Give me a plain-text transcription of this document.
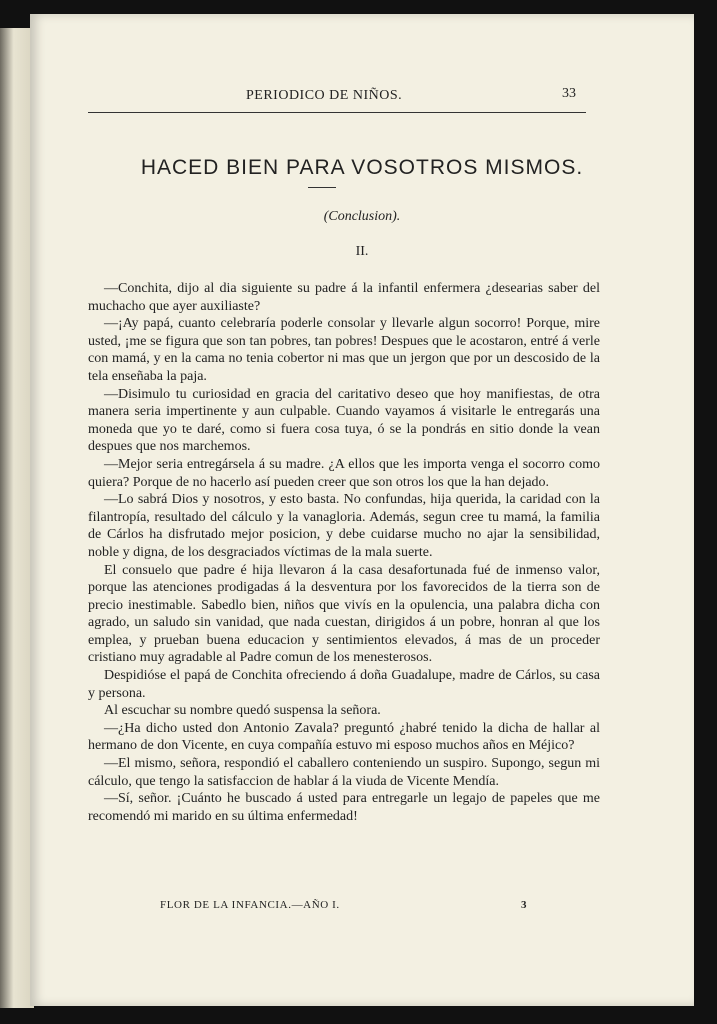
PERIODICO DE NIÑOS.	33
HACED BIEN PARA VOSOTROS MISMOS.
(Conclusion).
II.

—Conchita, dijo al dia siguiente su padre á la infantil enfermera ¿desearias saber del muchacho que ayer auxiliaste?

—¡Ay papá, cuanto celebraría poderle consolar y llevarle algun socorro! Porque, mire usted, ¡me se figura que son tan pobres, tan pobres! Despues que le acostaron, entré á verle con mamá, y en la cama no tenia cobertor ni mas que un jergon que por un descosido de la tela enseñaba la paja.

—Disimulo tu curiosidad en gracia del caritativo deseo que hoy manifiestas, de otra manera seria impertinente y aun culpable. Cuando vayamos á visitarle le entregarás una moneda que yo te daré, como si fuera cosa tuya, ó se la pondrás en sitio donde la vean despues que nos marchemos.

—Mejor seria entregársela á su madre. ¿A ellos que les importa venga el socorro como quiera? Porque de no hacerlo así pueden creer que son otros los que la han dejado.

—Lo sabrá Dios y nosotros, y esto basta. No confundas, hija querida, la caridad con la filantropía, resultado del cálculo y la vanagloria. Además, segun cree tu mamá, la familia de Cárlos ha disfrutado mejor posicion, y debe cuidarse mucho no ajar la sensibilidad, noble y digna, de los desgraciados víctimas de la mala suerte.

El consuelo que padre é hija llevaron á la casa desafortunada fué de inmenso valor, porque las atenciones prodigadas á la desventura por los favorecidos de la tierra son de precio inestimable. Sabedlo bien, niños que vivís en la opulencia, una palabra dicha con agrado, un saludo sin vanidad, que nada cuestan, dirigidos á un pobre, honran al que los emplea, y prueban buena educacion y sentimientos elevados, á mas de un proceder cristiano muy agradable al Padre comun de los menesterosos.

Despidióse el papá de Conchita ofreciendo á doña Guadalupe, madre de Cárlos, su casa y persona.

Al escuchar su nombre quedó suspensa la señora.

—¿Ha dicho usted don Antonio Zavala? preguntó ¿habré tenido la dicha de hallar al hermano de don Vicente, en cuya compañía estuvo mi esposo muchos años en Méjico?

—El mismo, señora, respondió el caballero conteniendo un suspiro. Supongo, segun mi cálculo, que tengo la satisfaccion de hablar á la viuda de Vicente Mendía.

—Sí, señor. ¡Cuánto he buscado á usted para entregarle un legajo de papeles que me recomendó mi marido en su última enfermedad!

FLOR DE LA INFANCIA.—AÑO I.	3
